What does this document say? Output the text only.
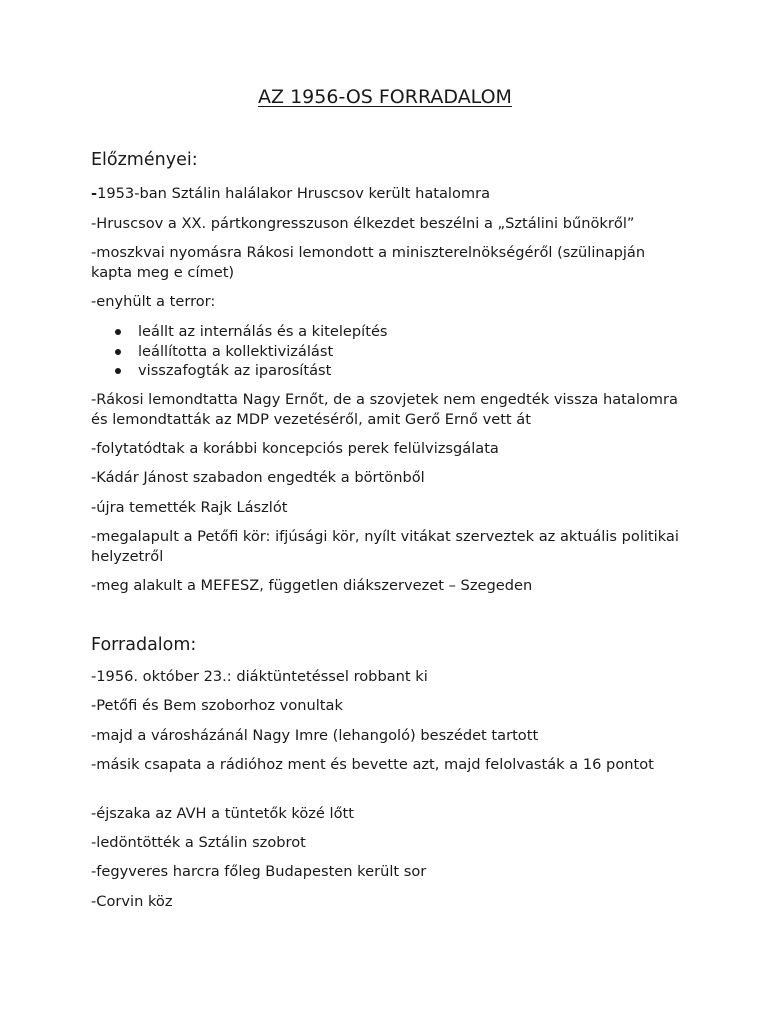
AZ 1956-OS FORRADALOM
Előzményei:

-1953-ban Sztálin halálakor Hruscsov került hatalomra

-Hruscsov a XX. pártkongresszuson élkezdet beszélni a „Sztálini bűnökről”

-moszkvai nyomásra Rákosi lemondott a miniszterelnökségéről (szülinapján kapta meg e címet)

-enyhült a terror:

leállt az internálás és a kitelepítés
leállította a kollektivizálást
visszafogták az iparosítást

-Rákosi lemondtatta Nagy Ernőt, de a szovjetek nem engedték vissza hatalomra és lemondtatták az MDP vezetéséről, amit Gerő Ernő vett át

-folytatódtak a korábbi koncepciós perek felülvizsgálata

-Kádár Jánost szabadon engedték a börtönből

-újra temették Rajk Lászlót

-megalapult a Petőfi kör: ifjúsági kör, nyílt vitákat szerveztek az aktuális politikai helyzetről

-meg alakult a MEFESZ, független diákszervezet – Szegeden

Forradalom:

-1956. október 23.: diáktüntetéssel robbant ki

-Petőfi és Bem szoborhoz vonultak

-majd a városházánál Nagy Imre (lehangoló) beszédet tartott

-másik csapata a rádióhoz ment és bevette azt, majd felolvasták a 16 pontot

-éjszaka az AVH a tüntetők közé lőtt

-ledöntötték a Sztálin szobrot

-fegyveres harcra főleg Budapesten került sor

-Corvin köz
